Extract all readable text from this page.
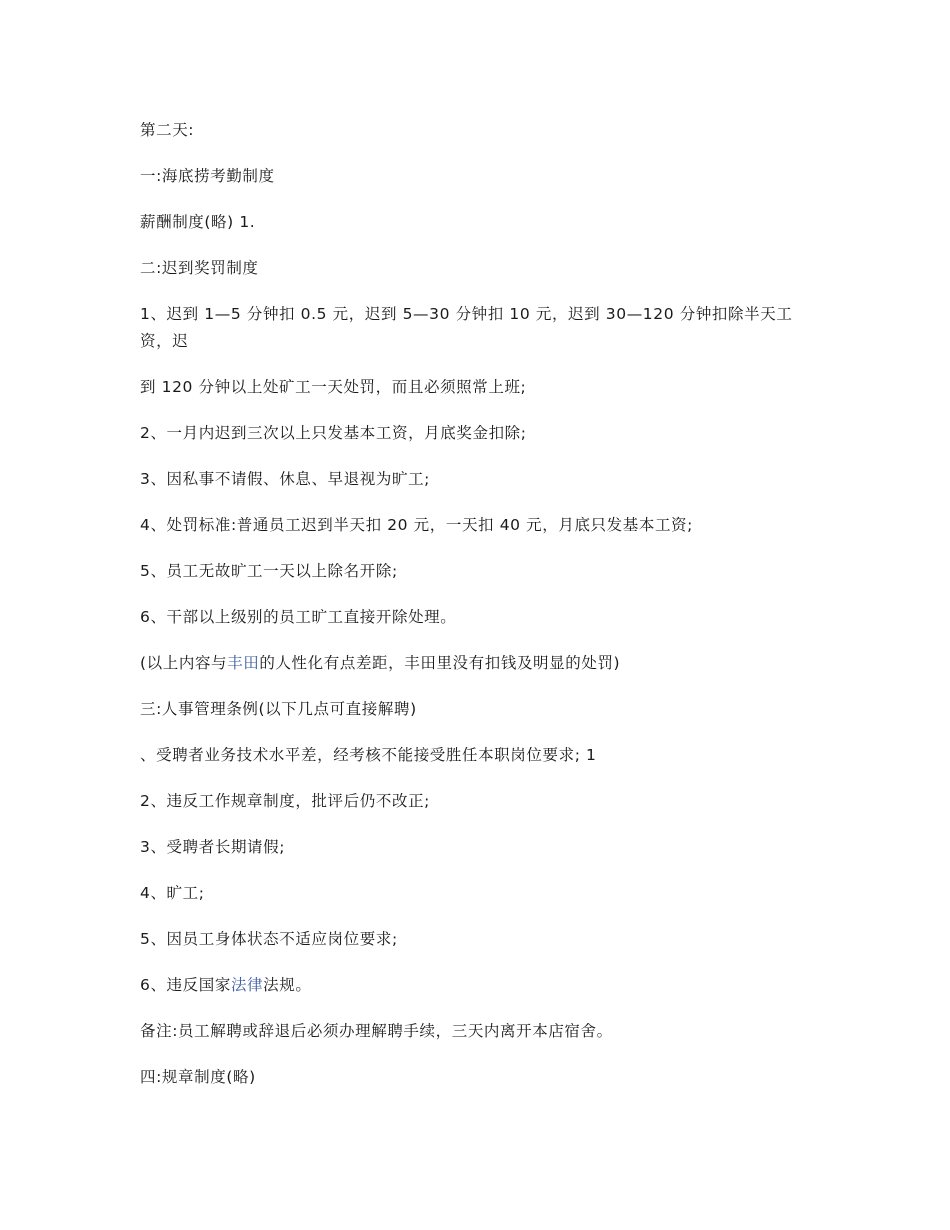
第二天:

一:海底捞考勤制度

薪酬制度(略) 1.

二:迟到奖罚制度

1、迟到 1—5 分钟扣 0.5 元，迟到 5—30 分钟扣 10 元，迟到 30—120 分钟扣除半天工资，迟

到 120 分钟以上处矿工一天处罚，而且必须照常上班;

2、一月内迟到三次以上只发基本工资，月底奖金扣除;

3、因私事不请假、休息、早退视为旷工;

4、处罚标准:普通员工迟到半天扣 20 元，一天扣 40 元，月底只发基本工资;

5、员工无故旷工一天以上除名开除;

6、干部以上级别的员工旷工直接开除处理。

(以上内容与丰田的人性化有点差距，丰田里没有扣钱及明显的处罚)

三:人事管理条例(以下几点可直接解聘)

、受聘者业务技术水平差，经考核不能接受胜任本职岗位要求; 1

2、违反工作规章制度，批评后仍不改正;

3、受聘者长期请假;

4、旷工;

5、因员工身体状态不适应岗位要求;

6、违反国家法律法规。

备注:员工解聘或辞退后必须办理解聘手续，三天内离开本店宿舍。

四:规章制度(略)
